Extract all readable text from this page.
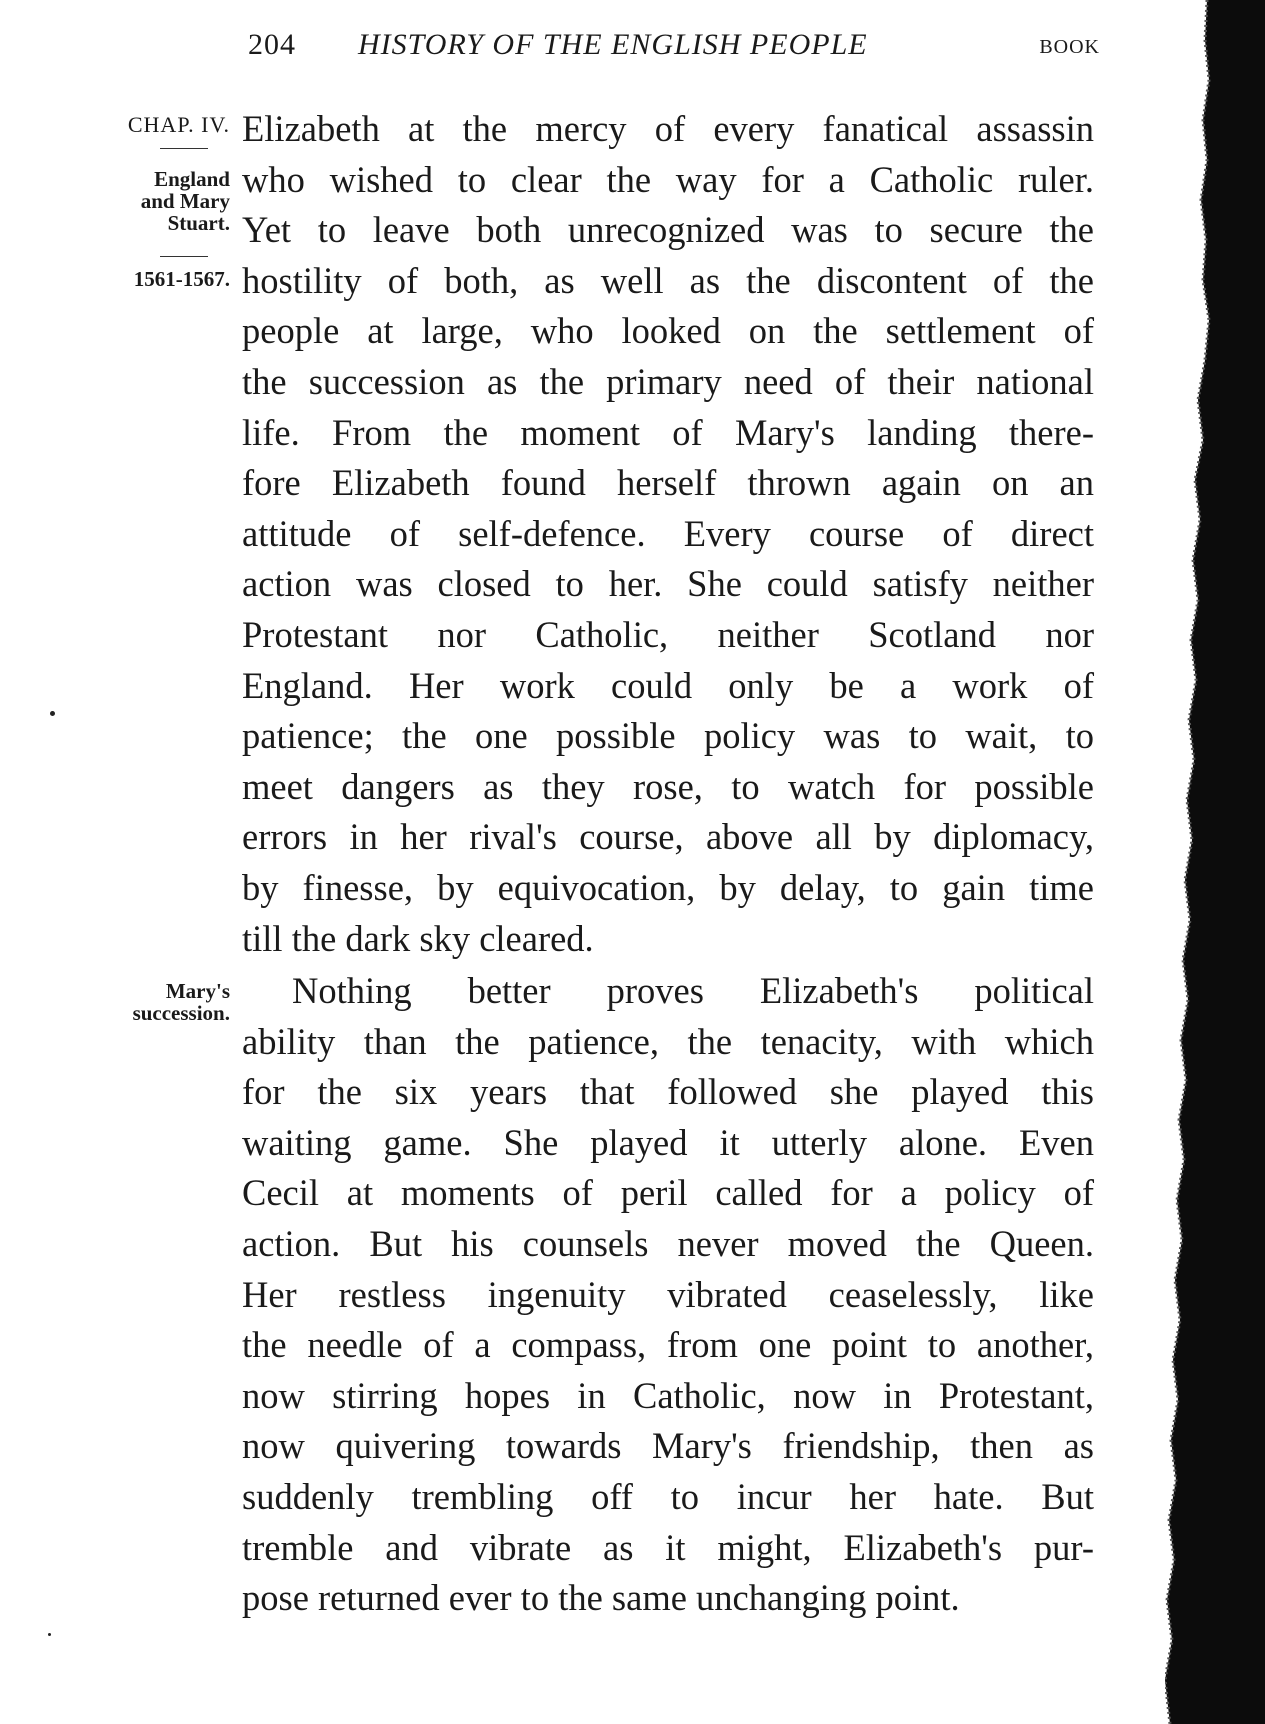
204 HISTORY OF THE ENGLISH PEOPLE	BOOK
CHAP. IV.
England
and Mary
Stuart.
1561-1567.
Mary's
succession.
Elizabeth at the mercy of every fanatical assassin
who wished to clear the way for a Catholic ruler.
Yet to leave both unrecognized was to secure the
hostility of both, as well as the discontent of the
people at large, who looked on the settlement of
the succession as the primary need of their national
life. From the moment of Mary's landing there-
fore Elizabeth found herself thrown again on an
attitude of self-defence. Every course of direct
action was closed to her. She could satisfy neither
Protestant nor Catholic, neither Scotland nor
England. Her work could only be a work of
patience; the one possible policy was to wait, to
meet dangers as they rose, to watch for possible
errors in her rival's course, above all by diplomacy,
by finesse, by equivocation, by delay, to gain time
till the dark sky cleared.
Nothing better proves Elizabeth's political
ability than the patience, the tenacity, with which
for the six years that followed she played this
waiting game. She played it utterly alone. Even
Cecil at moments of peril called for a policy of
action. But his counsels never moved the Queen.
Her restless ingenuity vibrated ceaselessly, like
the needle of a compass, from one point to another,
now stirring hopes in Catholic, now in Protestant,
now quivering towards Mary's friendship, then as
suddenly trembling off to incur her hate. But
tremble and vibrate as it might, Elizabeth's pur-
pose returned ever to the same unchanging point.
